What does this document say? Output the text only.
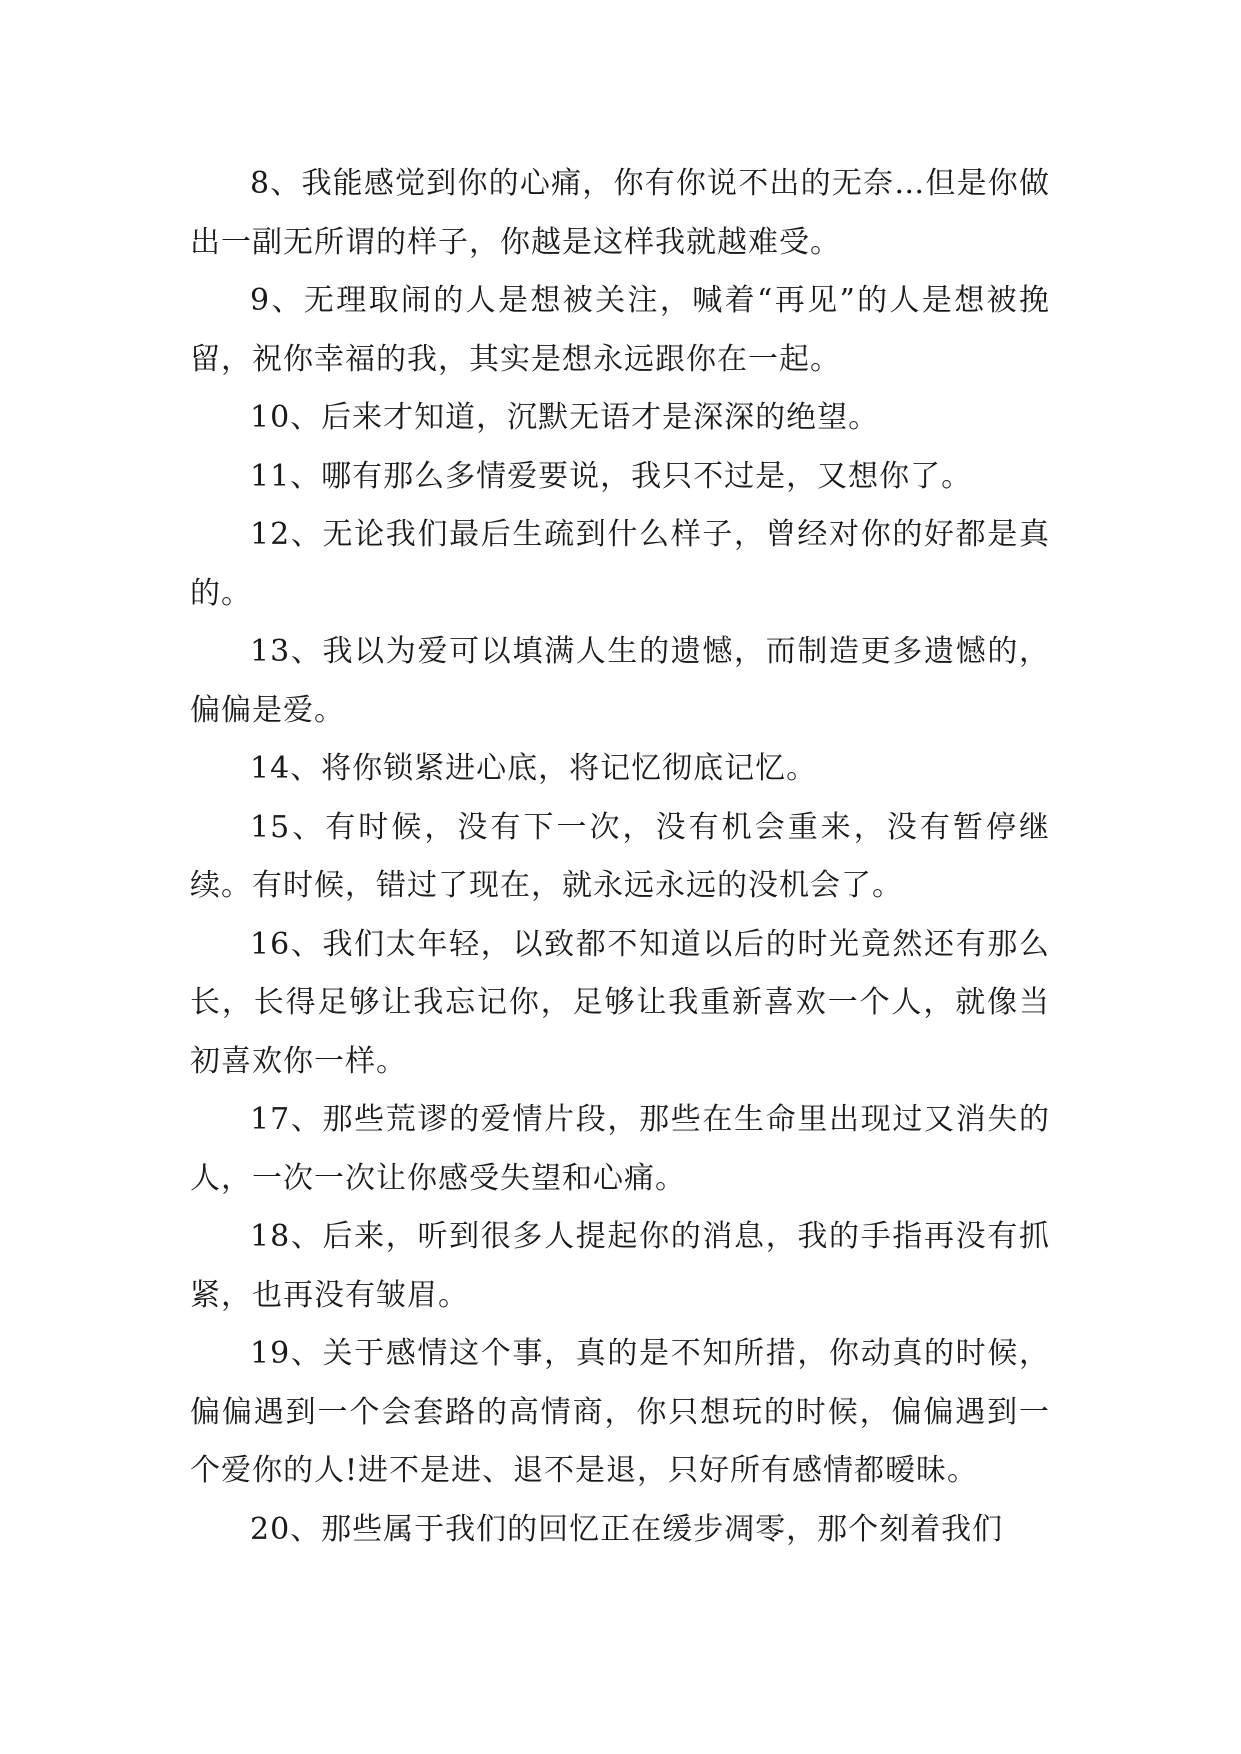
8、我能感觉到你的心痛，你有你说不出的无奈…但是你做出一副无所谓的样子，你越是这样我就越难受。

9、无理取闹的人是想被关注，喊着“再见”的人是想被挽留，祝你幸福的我，其实是想永远跟你在一起。

10、后来才知道，沉默无语才是深深的绝望。

11、哪有那么多情爱要说，我只不过是，又想你了。

12、无论我们最后生疏到什么样子，曾经对你的好都是真的。

13、我以为爱可以填满人生的遗憾，而制造更多遗憾的，偏偏是爱。

14、将你锁紧进心底，将记忆彻底记忆。

15、有时候，没有下一次，没有机会重来，没有暂停继续。有时候，错过了现在，就永远永远的没机会了。

16、我们太年轻，以致都不知道以后的时光竟然还有那么长，长得足够让我忘记你，足够让我重新喜欢一个人，就像当初喜欢你一样。

17、那些荒谬的爱情片段，那些在生命里出现过又消失的人，一次一次让你感受失望和心痛。

18、后来，听到很多人提起你的消息，我的手指再没有抓紧，也再没有皱眉。

19、关于感情这个事，真的是不知所措，你动真的时候，偏偏遇到一个会套路的高情商，你只想玩的时候，偏偏遇到一个爱你的人!进不是进、退不是退，只好所有感情都暧昧。

20、那些属于我们的回忆正在缓步凋零，那个刻着我们
